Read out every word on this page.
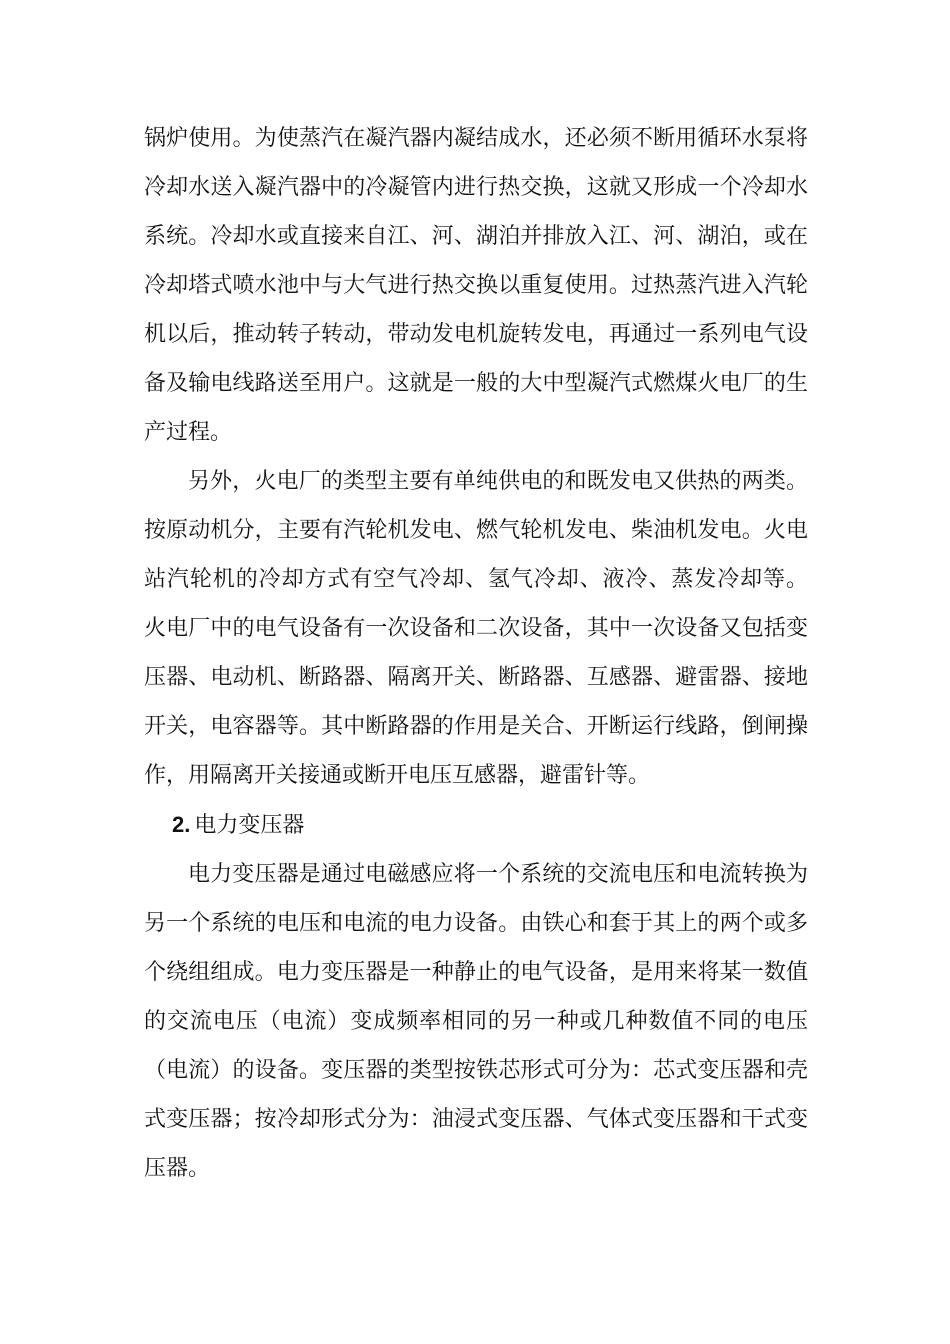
锅炉使用。为使蒸汽在凝汽器内凝结成水，还必须不断用循环水泵将冷却水送入凝汽器中的冷凝管内进行热交换，这就又形成一个冷却水系统。冷却水或直接来自江、河、湖泊并排放入江、河、湖泊，或在冷却塔式喷水池中与大气进行热交换以重复使用。过热蒸汽进入汽轮机以后，推动转子转动，带动发电机旋转发电，再通过一系列电气设备及输电线路送至用户。这就是一般的大中型凝汽式燃煤火电厂的生产过程。

另外，火电厂的类型主要有单纯供电的和既发电又供热的两类。按原动机分，主要有汽轮机发电、燃气轮机发电、柴油机发电。火电站汽轮机的冷却方式有空气冷却、氢气冷却、液冷、蒸发冷却等。 火电厂中的电气设备有一次设备和二次设备，其中一次设备又包括变压器、电动机、断路器、隔离开关、断路器、互感器、避雷器、接地开关，电容器等。其中断路器的作用是关合、开断运行线路，倒闸操作，用隔离开关接通或断开电压互感器，避雷针等。

2. 电力变压器

电力变压器是通过电磁感应将一个系统的交流电压和电流转换为另一个系统的电压和电流的电力设备。由铁心和套于其上的两个或多个绕组组成。电力变压器是一种静止的电气设备，是用来将某一数值的交流电压（电流）变成频率相同的另一种或几种数值不同的电压（电流）的设备。变压器的类型按铁芯形式可分为：芯式变压器和壳式变压器；按冷却形式分为：油浸式变压器、气体式变压器和干式变压器。
